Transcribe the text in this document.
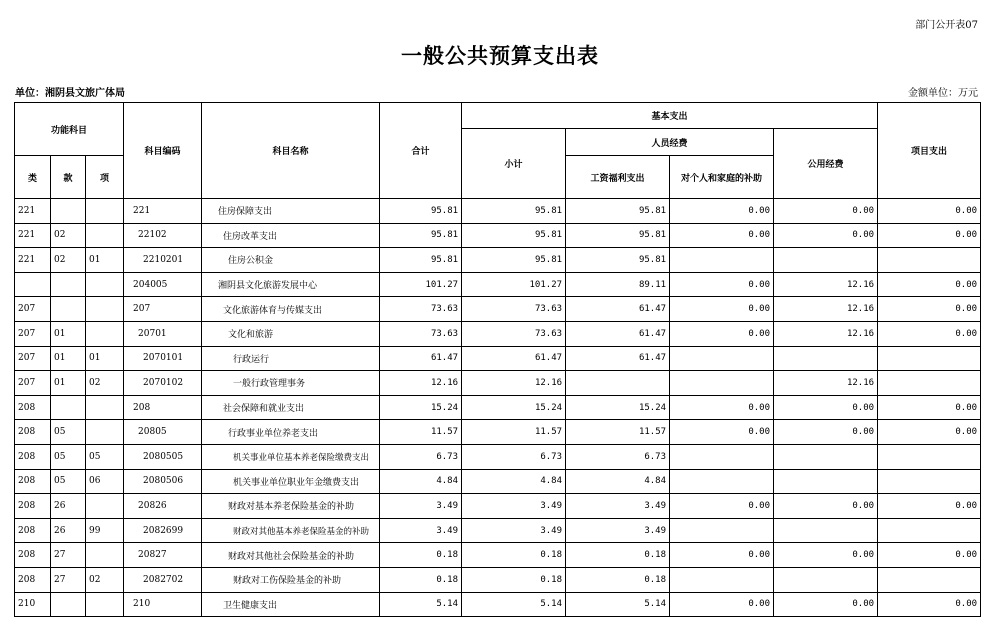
部门公开表07
一般公共预算支出表
单位：湘阴县文旅广体局	金额单位：万元
功能科目			科目编码	科目名称	合计	基本支出				项目支出
						小计	人员经费		公用经费	
类	款	项					工资福利支出	对个人和家庭的补助		
221			221	住房保障支出	95.81	95.81	95.81	0.00	0.00	0.00
221	02		22102	住房改革支出	95.81	95.81	95.81	0.00	0.00	0.00
221	02	01	2210201	住房公积金	95.81	95.81	95.81			
			204005	湘阴县文化旅游发展中心	101.27	101.27	89.11	0.00	12.16	0.00
207			207	文化旅游体育与传媒支出	73.63	73.63	61.47	0.00	12.16	0.00
207	01		20701	文化和旅游	73.63	73.63	61.47	0.00	12.16	0.00
207	01	01	2070101	行政运行	61.47	61.47	61.47			
207	01	02	2070102	一般行政管理事务	12.16	12.16			12.16	
208			208	社会保障和就业支出	15.24	15.24	15.24	0.00	0.00	0.00
208	05		20805	行政事业单位养老支出	11.57	11.57	11.57	0.00	0.00	0.00
208	05	05	2080505	机关事业单位基本养老保险缴费支出	6.73	6.73	6.73			
208	05	06	2080506	机关事业单位职业年金缴费支出	4.84	4.84	4.84			
208	26		20826	财政对基本养老保险基金的补助	3.49	3.49	3.49	0.00	0.00	0.00
208	26	99	2082699	财政对其他基本养老保险基金的补助	3.49	3.49	3.49			
208	27		20827	财政对其他社会保险基金的补助	0.18	0.18	0.18	0.00	0.00	0.00
208	27	02	2082702	财政对工伤保险基金的补助	0.18	0.18	0.18			
210			210	卫生健康支出	5.14	5.14	5.14	0.00	0.00	0.00
